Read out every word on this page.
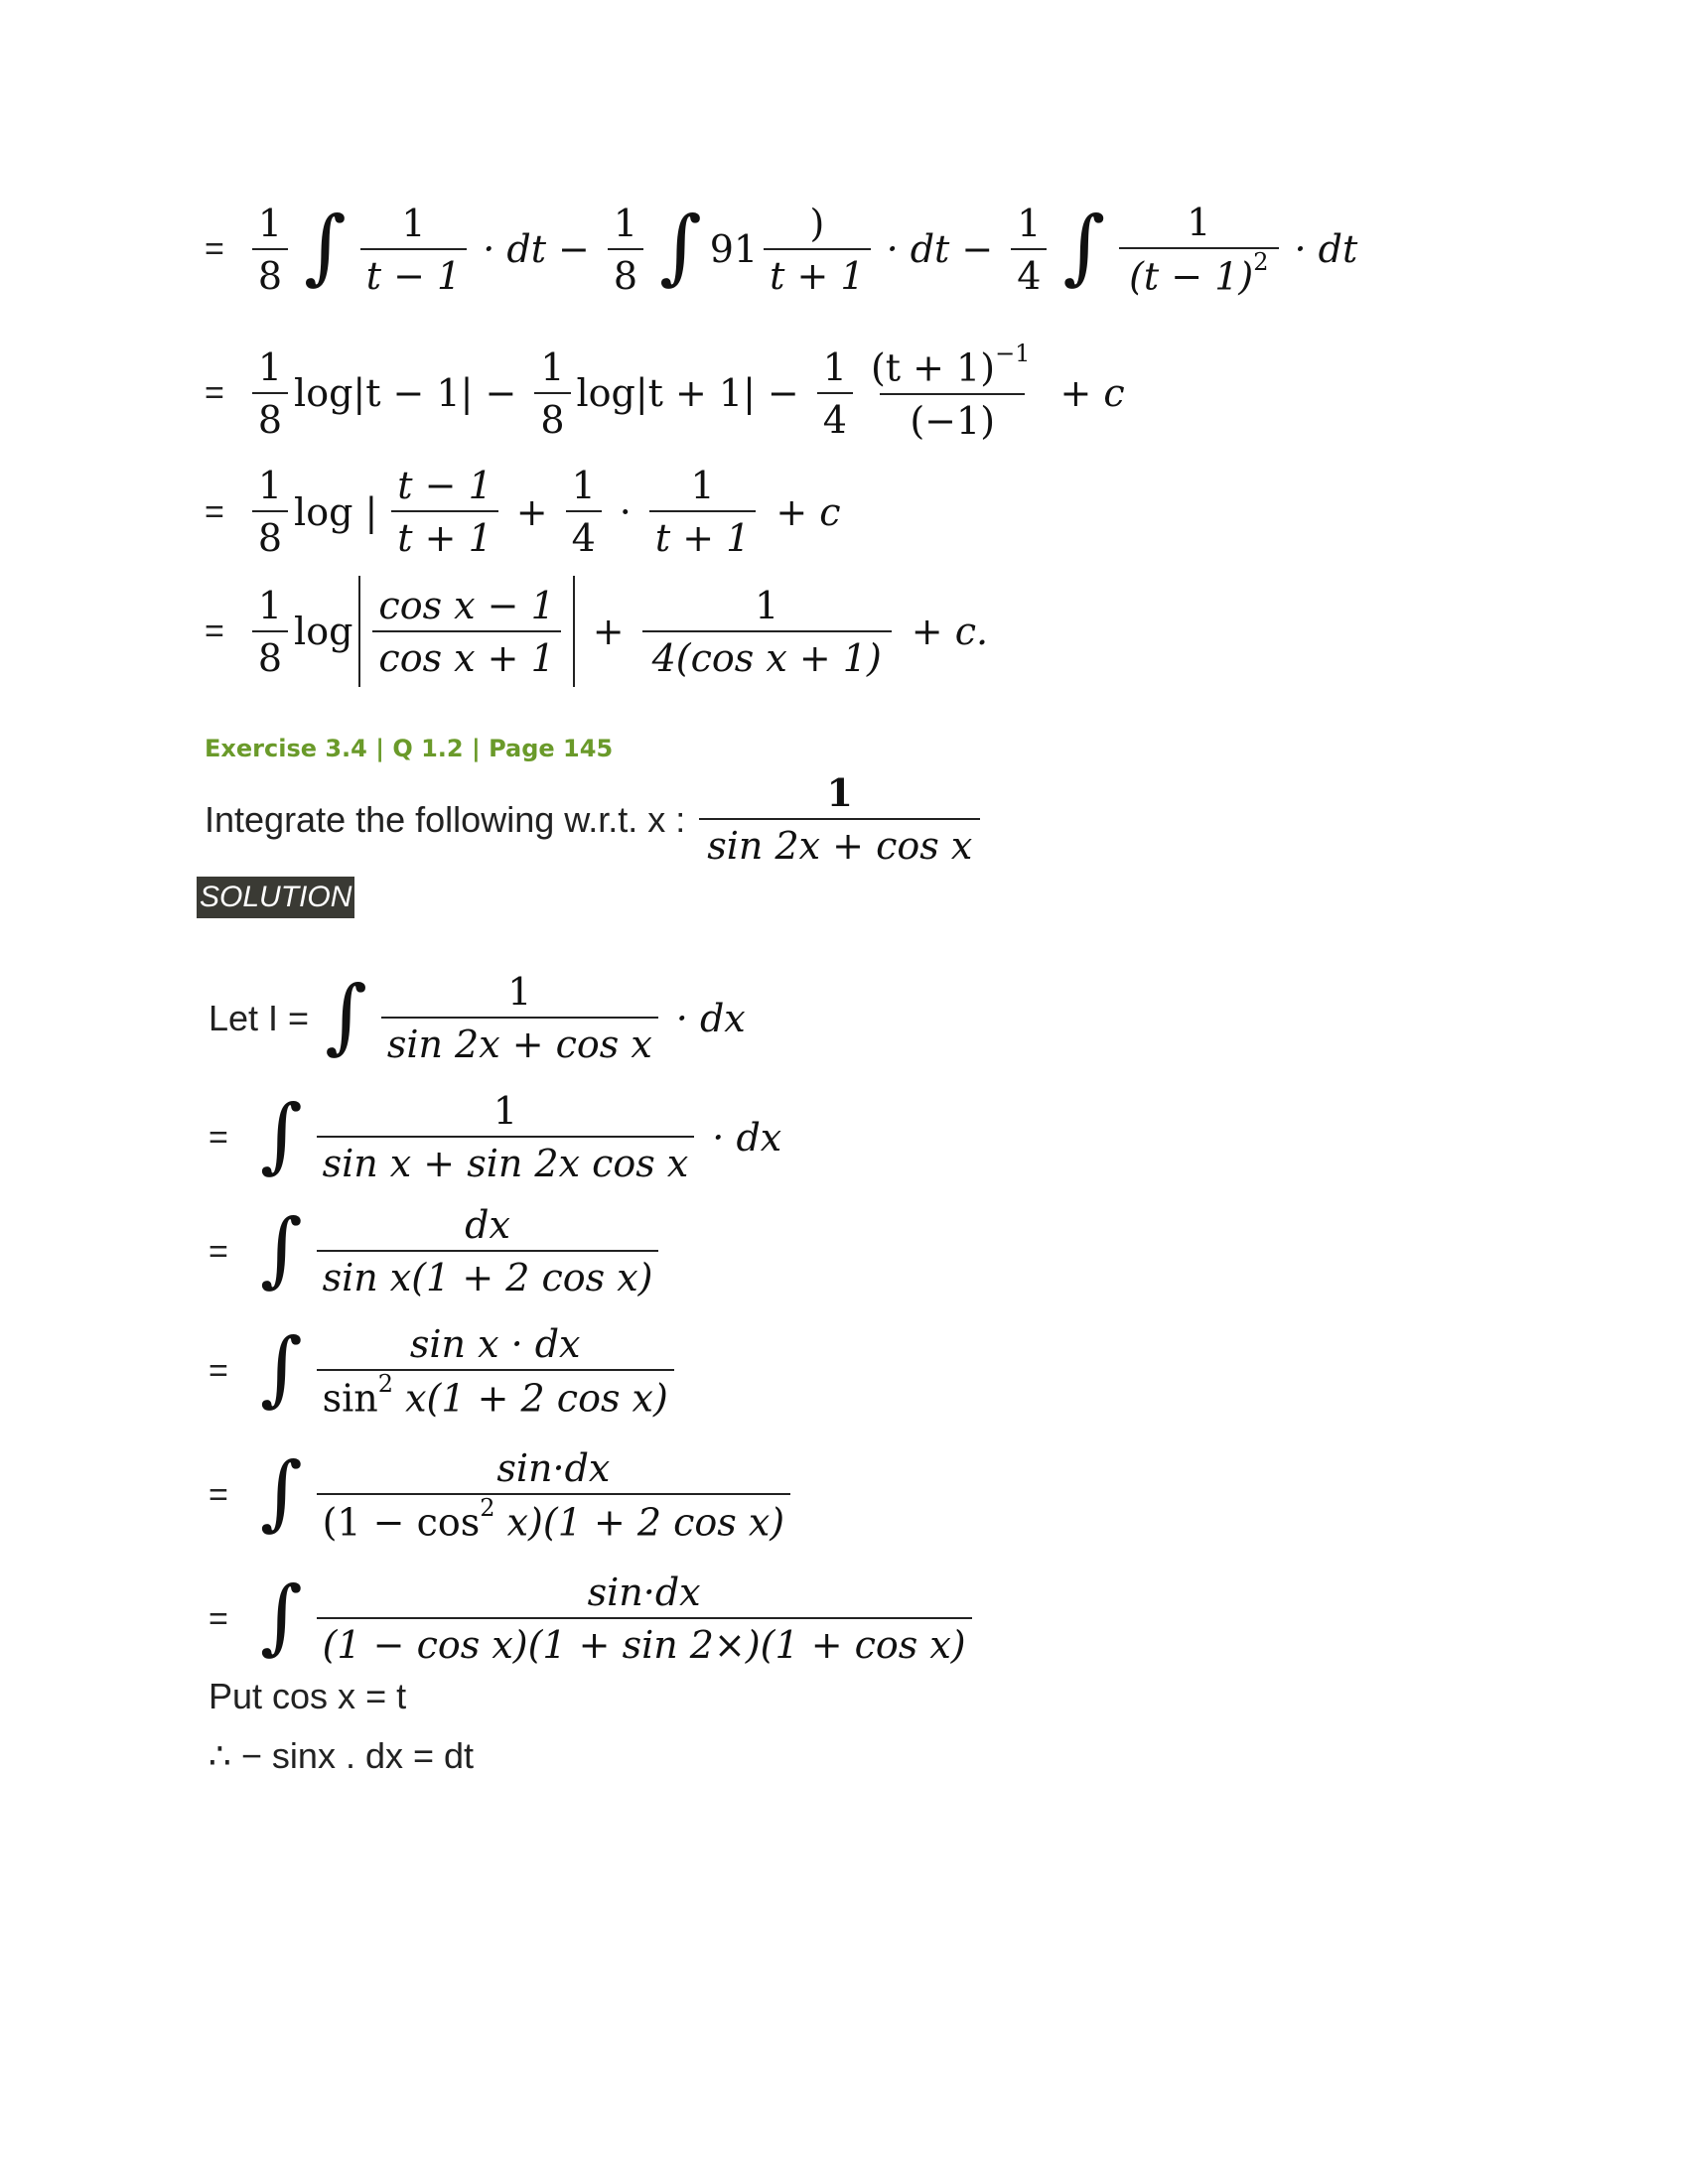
= $\frac{1}{8}$ ∫ $\frac{1}{t - 1}$ · dt − $\frac{1}{8}$ ∫ $91 \frac{)}{t + 1}$ · dt − $\frac{1}{4}$ ∫ $\frac{1}{(t - 1)^2}$ · dt
= $\frac{1}{8} \log|t - 1| - \frac{1}{8} \log|t + 1| - \frac{1}{4} \frac{(t + 1)^{-1}}{(-1)} + c$
= $\frac{1}{8}$ log | $\frac{t - 1}{t + 1} + \frac{1}{4} \cdot \frac{1}{t + 1} + c$
= $\frac{1}{8}$ $\log \frac{\text{cos x − 1}}{\text{cos x + 1}} + \frac{1}{\text{4(cos x + 1)}} + c$.
Exercise 3.4 | Q 1.2 | Page 145
Integrate the following w.r.t. x : $\frac{1}{\text{sin 2x + cos x}}$
SOLUTION
Let I = ∫ $\frac{1}{\text{sin 2x + cos x}}$ · dx
= ∫ $\frac{1}{\text{sin x + sin 2x cos x}}$ · dx
= ∫ $\frac{dx}{\text{sin x(1 + 2 cos x)}}$
= ∫ $\frac{\text{sin x · dx}}{\sin^2 x(1 + 2 \cos x)}$
= ∫ $\frac{\sin\cdot dx}{(1 - \cos^2 x)(1 + 2 \cos x)}$
= ∫ $\frac{\sin\cdot dx}{\text{(1 − cos x)(1 + sin 2×)(1 + cos x)}}$
Put cos x = t
∴ − sinx . dx = dt
